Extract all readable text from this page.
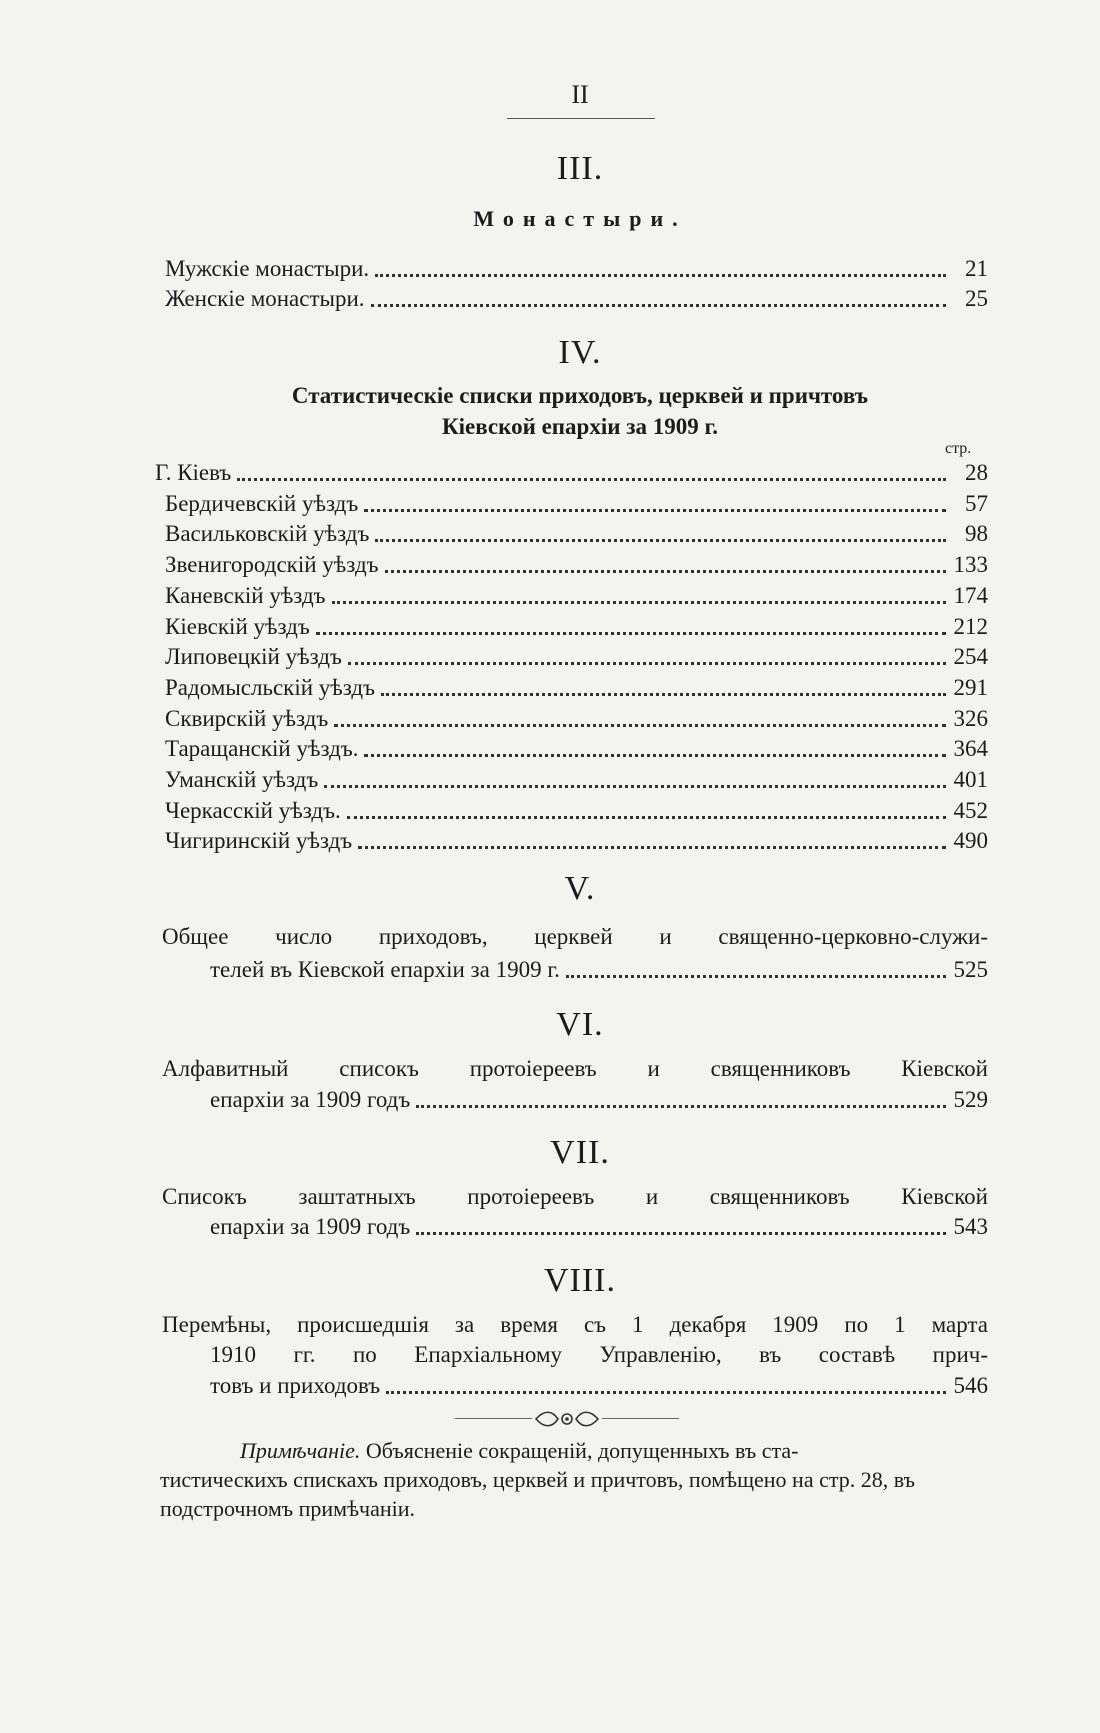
II
III.
Монастыри.
Мужскіе монастыри.	21
Женскіе монастыри.	25
IV.
Статистическіе списки приходовъ, церквей и причтовъ
Кіевской епархіи за 1909 г.
стр.
Г. Кіевъ	28
Бердичевскій уѣздъ	57
Васильковскій уѣздъ	98
Звенигородскій уѣздъ	133
Каневскій уѣздъ	174
Кіевскій уѣздъ	212
Липовецкій уѣздъ	254
Радомысльскій уѣздъ	291
Сквирскій уѣздъ	326
Таращанскій уѣздъ.	364
Уманскій уѣздъ	401
Черкасскій уѣздъ.	452
Чигиринскій уѣздъ	490
V.
Общее число приходовъ, церквей и священно-церковно-служи-
телей въ Кіевской епархіи за 1909 г.	525
VI.
Алфавитный списокъ протоіереевъ и священниковъ Кіевской
епархіи за 1909 годъ	529
VII.
Списокъ заштатныхъ протоіереевъ и священниковъ Кіевской
епархіи за 1909 годъ	543
VIII.
Перемѣны, происшедшія за время съ 1 декабря 1909 по 1 марта
1910 гг. по Епархіальному Управленію, въ составѣ прич-
товъ и приходовъ	546
Примѣчаніе. Объясненіе сокращеній, допущенныхъ въ ста-
тистическихъ спискахъ приходовъ, церквей и причтовъ, помѣщено на стр. 28, въ подстрочномъ примѣчаніи.
